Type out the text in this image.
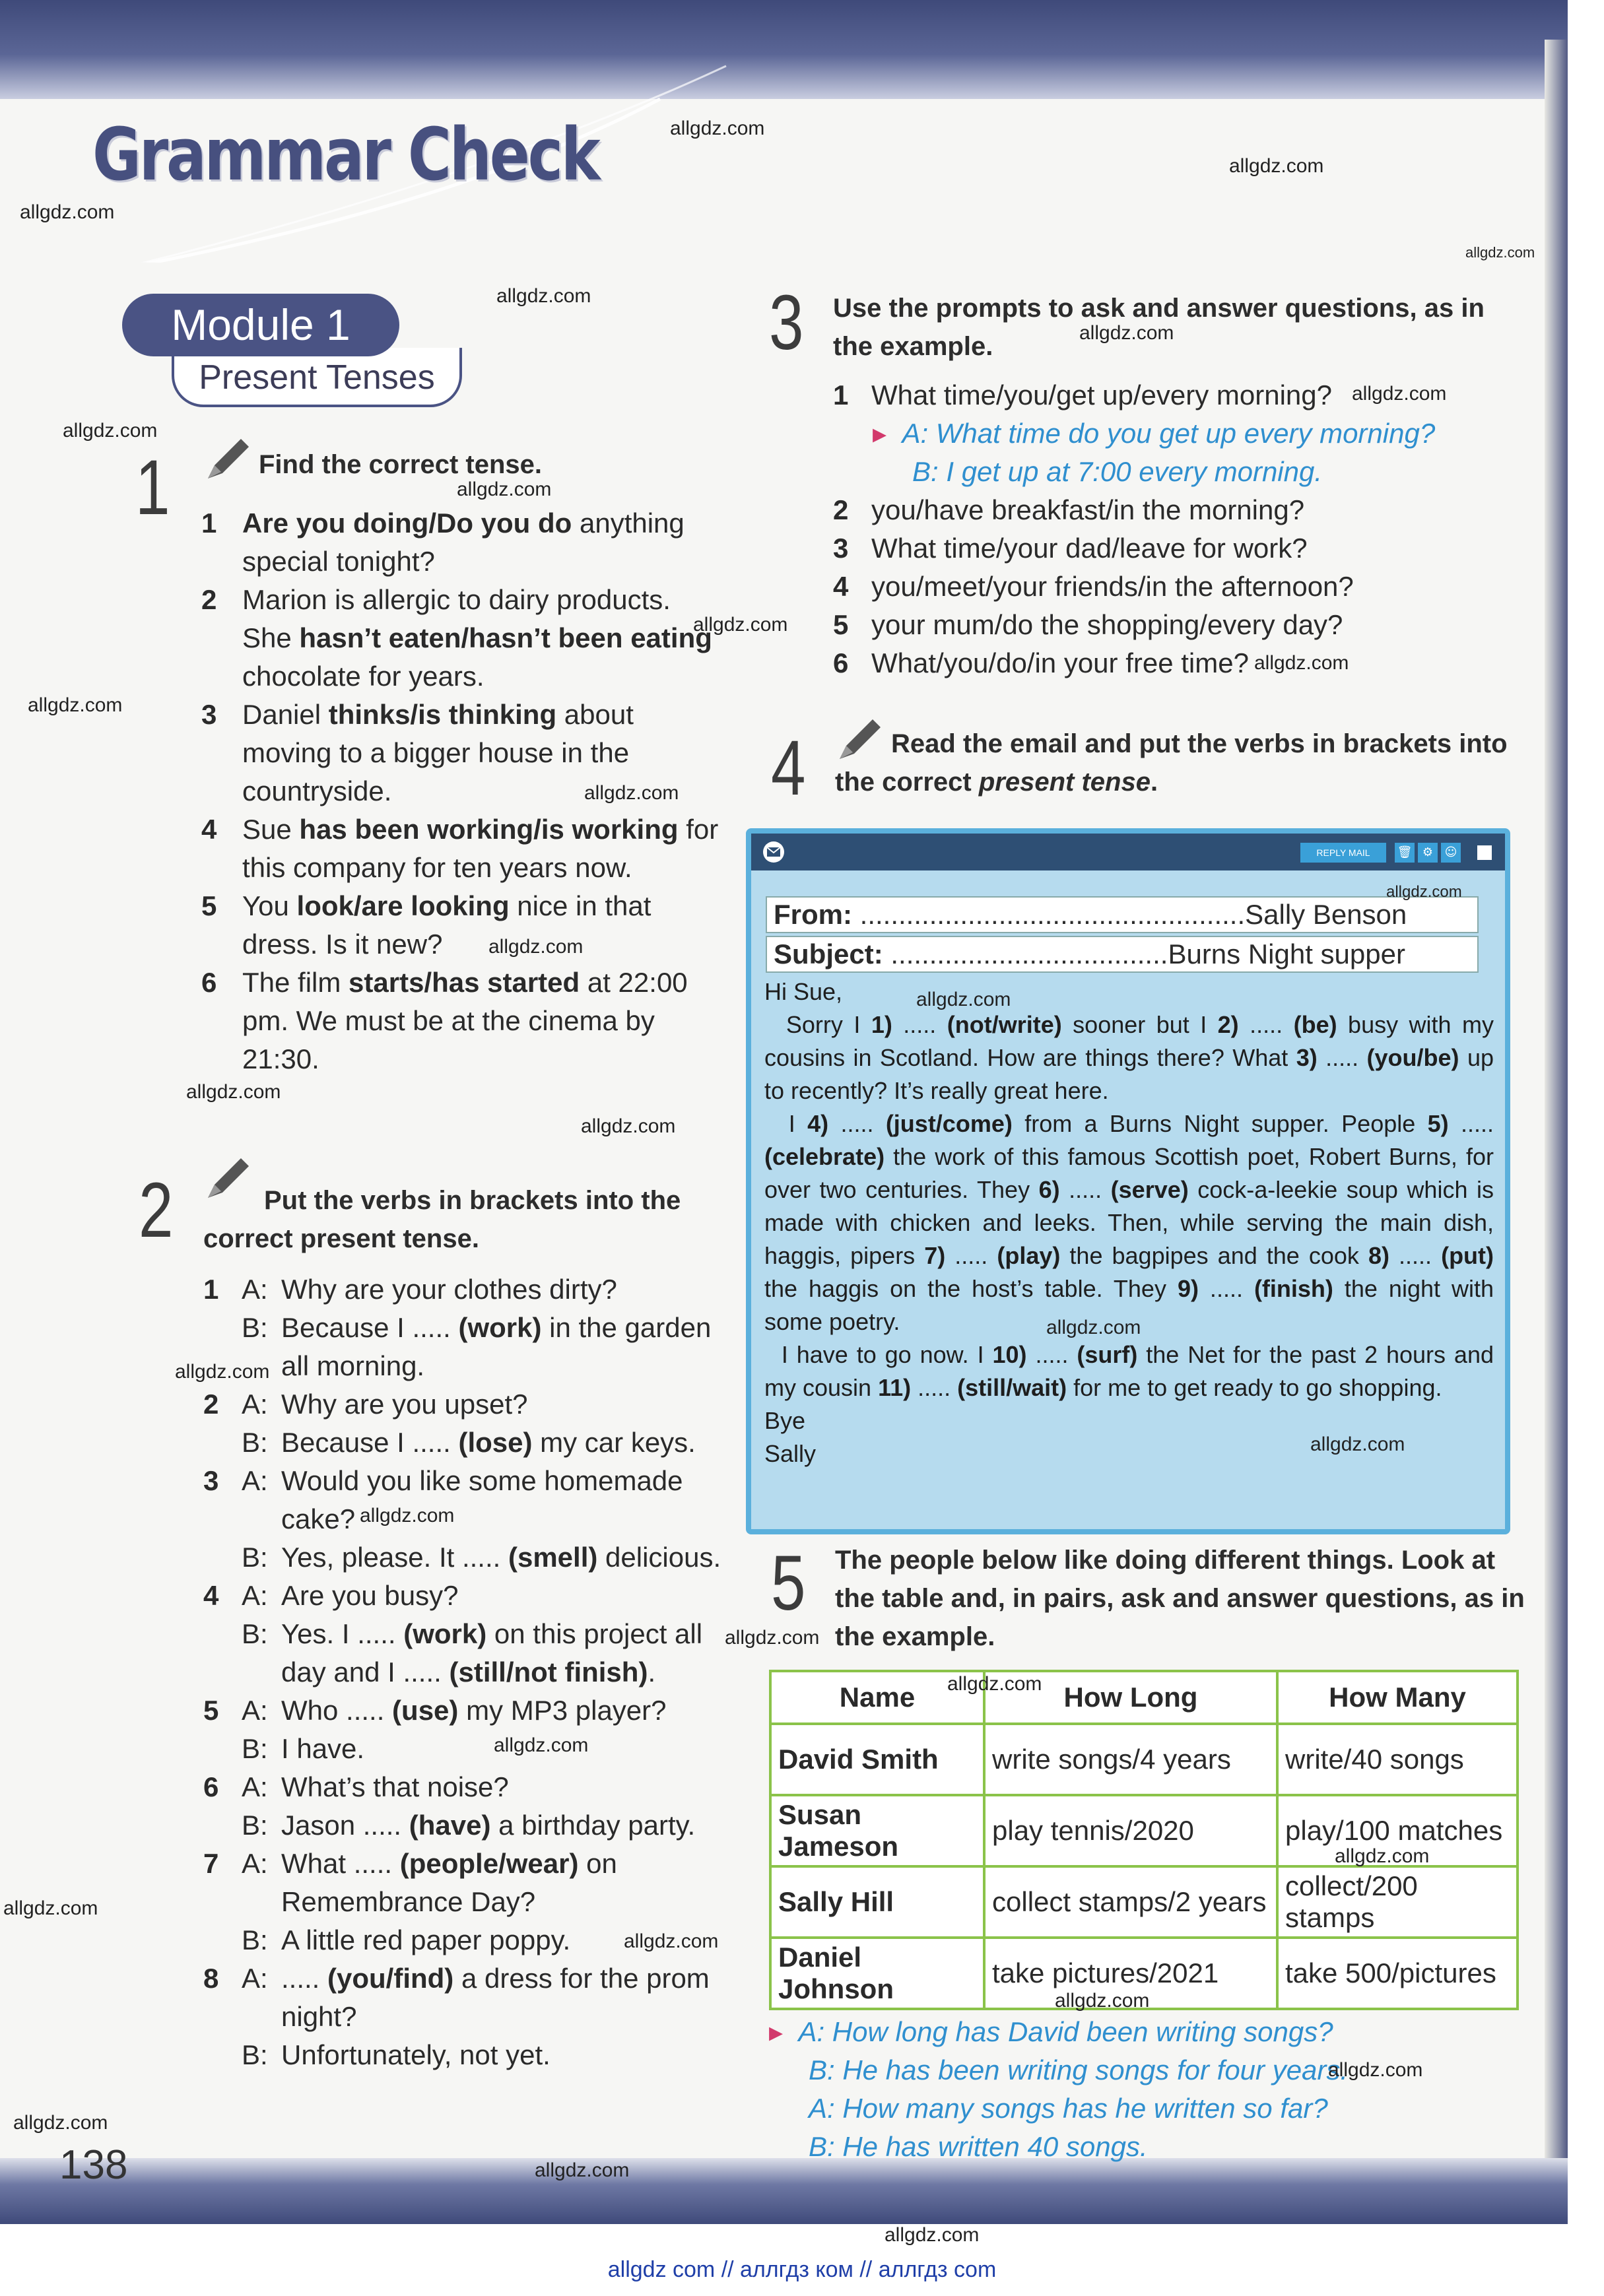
Grammar Check
Present Tenses
Module 1
1	Find the correct tense.
1 Are you doing/Do you do anything
special tonight?
2 Marion is allergic to dairy products.
She hasn’t eaten/hasn’t been eating
chocolate for years.
3 Daniel thinks/is thinking about
moving to a bigger house in the
countryside.
4 Sue has been working/is working for
this company for ten years now.
5 You look/are looking nice in that
dress. Is it new?
6 The film starts/has started at 22:00
pm. We must be at the cinema by
21:30.
2	Put the verbs in brackets into the
correct present tense.
1 A: Why are your clothes dirty?
B: Because I ..... (work) in the garden
all morning.
2 A: Why are you upset?
B: Because I ..... (lose) my car keys.
3 A: Would you like some homemade
cake?
B: Yes, please. It ..... (smell) delicious.
4 A: Are you busy?
B: Yes. I ..... (work) on this project all
day and I ..... (still/not finish).
5 A: Who ..... (use) my MP3 player?
B: I have.
6 A: What’s that noise?
B: Jason ..... (have) a birthday party.
7 A: What ..... (people/wear) on
Remembrance Day?
B: A little red paper poppy.
8 A: ..... (you/find) a dress for the prom
night?
B: Unfortunately, not yet.
3 Use the prompts to ask and answer questions, as in
the example.
1 What time/you/get up/every morning?
▸ A: What time do you get up every morning?
B: I get up at 7:00 every morning.
2 you/have breakfast/in the morning?
3 What time/your dad/leave for work?
4 you/meet/your friends/in the afternoon?
5 your mum/do the shopping/every day?
6 What/you/do/in your free time?
4	Read the email and put the verbs in brackets into
the correct present tense.
REPLY MAIL	🗑 ⚙ ☺
From: ..................................................Sally Benson
Subject: ....................................Burns Night supper
Hi Sue,
Sorry I 1) ..... (not/write) sooner but I 2) ..... (be) busy with my cousins in Scotland. How are things there? What 3) ..... (you/be) up to recently? It’s really great here.
I 4) ..... (just/come) from a Burns Night supper. People 5) ..... (celebrate) the work of this famous Scottish poet, Robert Burns, for over two centuries. They 6) ..... (serve) cock-a-leekie soup which is made with chicken and leeks. Then, while serving the main dish, haggis, pipers 7) ..... (play) the bagpipes and the cook 8) ..... (put) the haggis on the host’s table. They 9) ..... (finish) the night with some poetry.
I have to go now. I 10) ..... (surf) the Net for the past 2 hours and my cousin 11) ..... (still/wait) for me to get ready to go shopping.
Bye
Sally
5 The people below like doing different things. Look at
the table and, in pairs, ask and answer questions, as in
the example.
Name	How Long	How Many
David Smith	write songs/4 years	write/40 songs
Susan Jameson	play tennis/2020	play/100 matches
Sally Hill	collect stamps/2 years	collect/200 stamps
Daniel Johnson	take pictures/2021	take 500/pictures
▸ A: How long has David been writing songs?
B: He has been writing songs for four years.
A: How many songs has he written so far?
B: He has written 40 songs.
138
allgdz.com
allgdz.com
allgdz.com
allgdz.com
allgdz.com
allgdz.com
allgdz.com
allgdz.com
allgdz.com
allgdz.com
allgdz.com
allgdz.com
allgdz.com
allgdz.com
allgdz.com
allgdz.com
allgdz.com
allgdz.com
allgdz.com
allgdz.com
allgdz.com
allgdz.com
allgdz.com
allgdz.com
allgdz.com
allgdz.com
allgdz.com
allgdz.com
allgdz.com
allgdz.com
allgdz.com
allgdz.com
allgdz.com
allgdz com // аллгдз ком // аллгдз com
